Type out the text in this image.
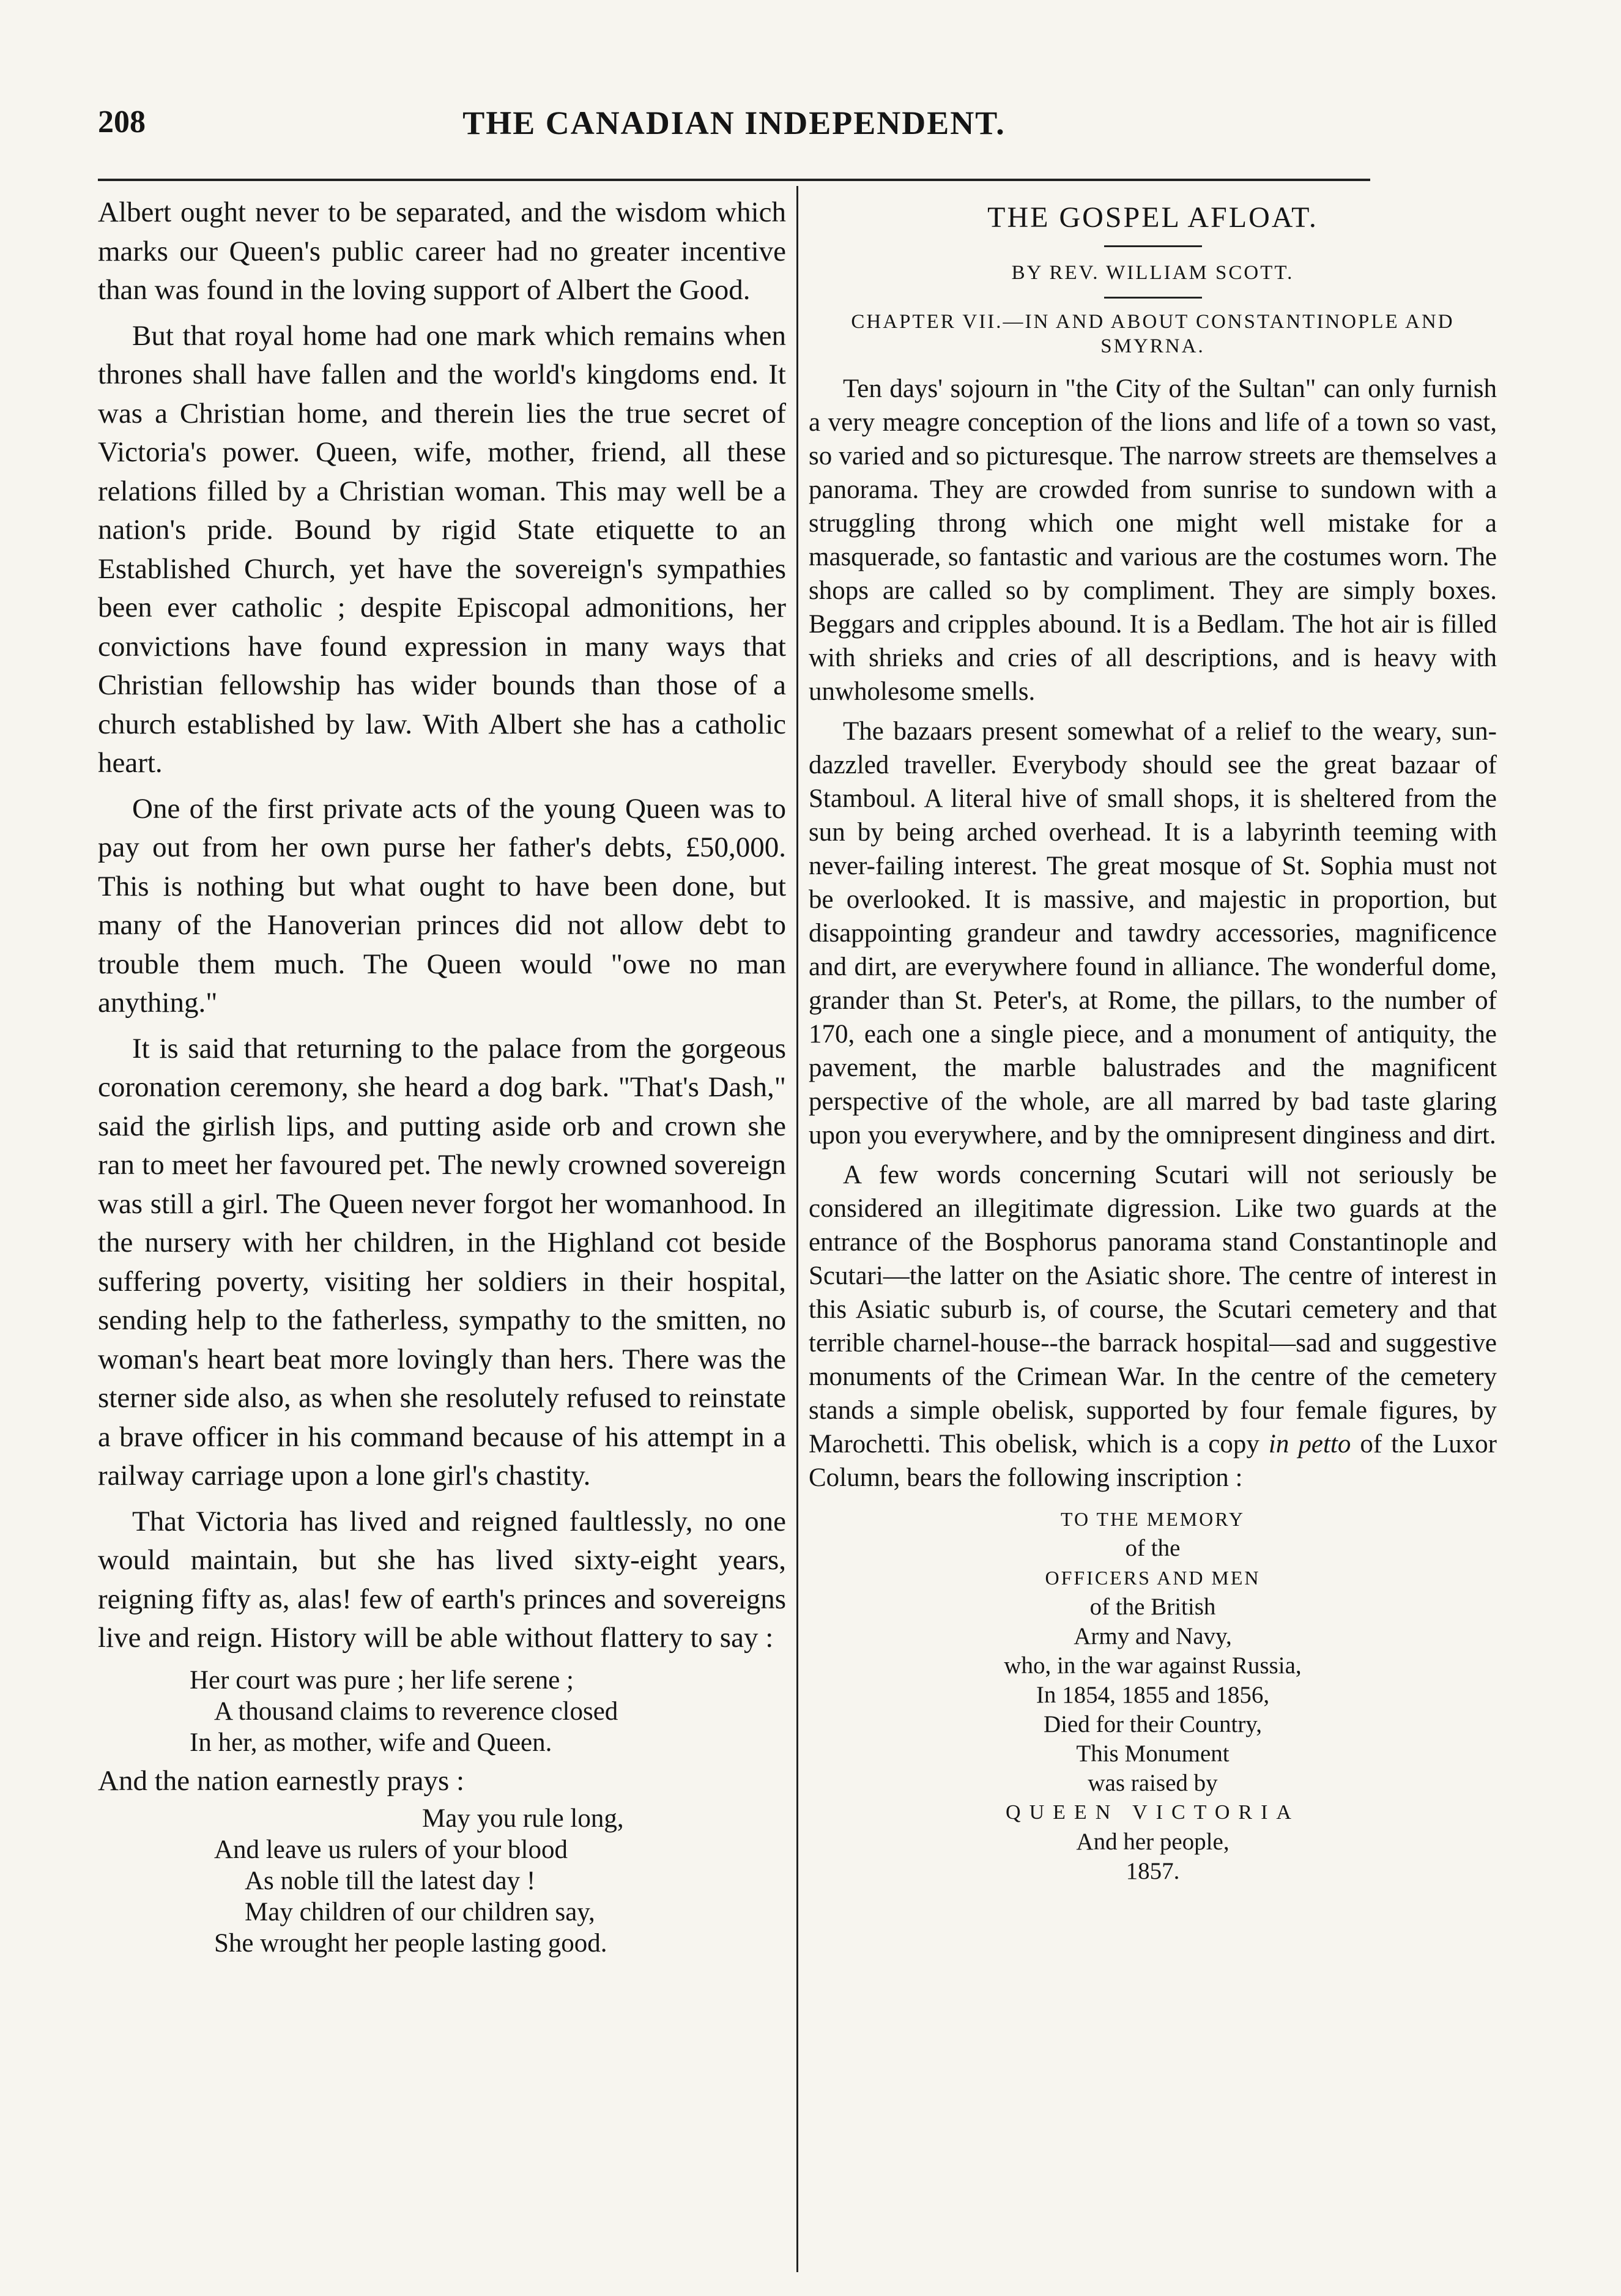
208	THE CANADIAN INDEPENDENT.

Albert ought never to be separated, and the wisdom which marks our Queen's public career had no greater incentive than was found in the loving support of Albert the Good.

But that royal home had one mark which remains when thrones shall have fallen and the world's kingdoms end. It was a Christian home, and therein lies the true secret of Victoria's power. Queen, wife, mother, friend, all these relations filled by a Christian woman. This may well be a nation's pride. Bound by rigid State etiquette to an Established Church, yet have the sovereign's sympathies been ever catholic ; despite Episcopal admonitions, her convictions have found expression in many ways that Christian fellowship has wider bounds than those of a church established by law. With Albert she has a catholic heart.

One of the first private acts of the young Queen was to pay out from her own purse her father's debts, £50,000. This is nothing but what ought to have been done, but many of the Hanoverian princes did not allow debt to trouble them much. The Queen would "owe no man anything."

It is said that returning to the palace from the gorgeous coronation ceremony, she heard a dog bark. "That's Dash," said the girlish lips, and putting aside orb and crown she ran to meet her favoured pet. The newly crowned sovereign was still a girl. The Queen never forgot her womanhood. In the nursery with her children, in the Highland cot beside suffering poverty, visiting her soldiers in their hospital, sending help to the fatherless, sympathy to the smitten, no woman's heart beat more lovingly than hers. There was the sterner side also, as when she resolutely refused to reinstate a brave officer in his command because of his attempt in a railway carriage upon a lone girl's chastity.

That Victoria has lived and reigned faultlessly, no one would maintain, but she has lived sixty-eight years, reigning fifty as, alas! few of earth's princes and sovereigns live and reign. History will be able without flattery to say :

Her court was pure ; her life serene ;
A thousand claims to reverence closed
In her, as mother, wife and Queen.
And the nation earnestly prays :
May you rule long,
And leave us rulers of your blood
As noble till the latest day !
May children of our children say,
She wrought her people lasting good.
THE GOSPEL AFLOAT.
BY REV. WILLIAM SCOTT.
CHAPTER VII.—IN AND ABOUT CONSTANTINOPLE AND SMYRNA.

Ten days' sojourn in "the City of the Sultan" can only furnish a very meagre conception of the lions and life of a town so vast, so varied and so picturesque. The narrow streets are themselves a panorama. They are crowded from sunrise to sundown with a struggling throng which one might well mistake for a masquerade, so fantastic and various are the costumes worn. The shops are called so by compliment. They are simply boxes. Beggars and cripples abound. It is a Bedlam. The hot air is filled with shrieks and cries of all descriptions, and is heavy with unwholesome smells.

The bazaars present somewhat of a relief to the weary, sun-dazzled traveller. Everybody should see the great bazaar of Stamboul. A literal hive of small shops, it is sheltered from the sun by being arched overhead. It is a labyrinth teeming with never-failing interest. The great mosque of St. Sophia must not be overlooked. It is massive, and majestic in proportion, but disappointing grandeur and tawdry accessories, magnificence and dirt, are everywhere found in alliance. The wonderful dome, grander than St. Peter's, at Rome, the pillars, to the number of 170, each one a single piece, and a monument of antiquity, the pavement, the marble balustrades and the magnificent perspective of the whole, are all marred by bad taste glaring upon you everywhere, and by the omnipresent dinginess and dirt.

A few words concerning Scutari will not seriously be considered an illegitimate digression. Like two guards at the entrance of the Bosphorus panorama stand Constantinople and Scutari—the latter on the Asiatic shore. The centre of interest in this Asiatic suburb is, of course, the Scutari cemetery and that terrible charnel-house--the barrack hospital—sad and suggestive monuments of the Crimean War. In the centre of the cemetery stands a simple obelisk, supported by four female figures, by Marochetti. This obelisk, which is a copy in petto of the Luxor Column, bears the following inscription :

TO THE MEMORY
of the
OFFICERS AND MEN
of the British
Army and Navy,
who, in the war against Russia,
In 1854, 1855 and 1856,
Died for their Country,
This Monument
was raised by
QUEEN VICTORIA
And her people,
1857.
